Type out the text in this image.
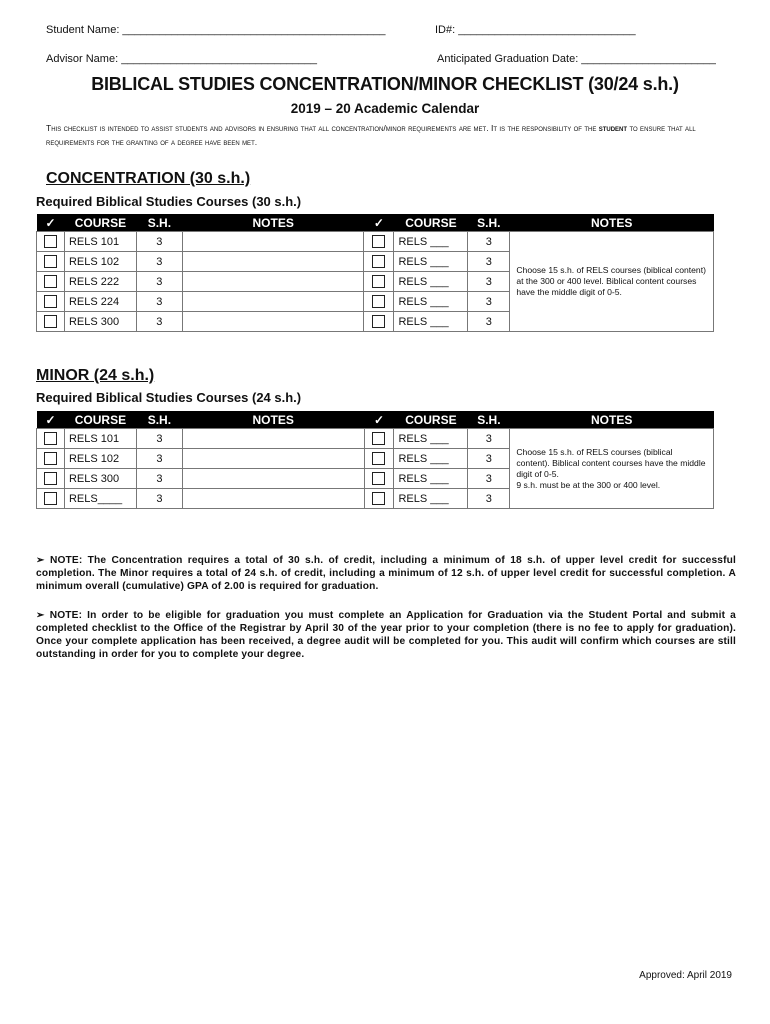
Student Name: ___________________________________________	ID#: _____________________________
Advisor Name: ________________________________	Anticipated Graduation Date: ______________________
BIBLICAL STUDIES CONCENTRATION/MINOR CHECKLIST (30/24 s.h.)
2019 – 20 Academic Calendar
This checklist is intended to assist students and advisors in ensuring that all concentration/minor requirements are met. It is the responsibility of the student to ensure that all requirements for the granting of a degree have been met.
CONCENTRATION (30 s.h.)
Required Biblical Studies Courses (30 s.h.)
✓	COURSE	S.H.	NOTES	✓	COURSE	S.H.	NOTES
	RELS 101	3			RELS ___	3	Choose 15 s.h. of RELS courses (biblical content) at the 300 or 400 level. Biblical content courses have the middle digit of 0-5.
	RELS 102	3			RELS ___	3	
	RELS 222	3			RELS ___	3	
	RELS 224	3			RELS ___	3	
	RELS 300	3			RELS ___	3	
MINOR (24 s.h.)
Required Biblical Studies Courses (24 s.h.)
✓	COURSE	S.H.	NOTES	✓	COURSE	S.H.	NOTES
	RELS 101	3			RELS ___	3	Choose 15 s.h. of RELS courses (biblical content). Biblical content courses have the middle digit of 0-5.
9 s.h. must be at the 300 or 400 level.
	RELS 102	3			RELS ___	3	
	RELS 300	3			RELS ___	3	
	RELS____	3			RELS ___	3	
➢ NOTE: The Concentration requires a total of 30 s.h. of credit, including a minimum of 18 s.h. of upper level credit for successful completion. The Minor requires a total of 24 s.h. of credit, including a minimum of 12 s.h. of upper level credit for successful completion. A minimum overall (cumulative) GPA of 2.00 is required for graduation.
➢ NOTE: In order to be eligible for graduation you must complete an Application for Graduation via the Student Portal and submit a completed checklist to the Office of the Registrar by April 30 of the year prior to your completion (there is no fee to apply for graduation). Once your complete application has been received, a degree audit will be completed for you. This audit will confirm which courses are still outstanding in order for you to complete your degree.
Approved: April 2019
